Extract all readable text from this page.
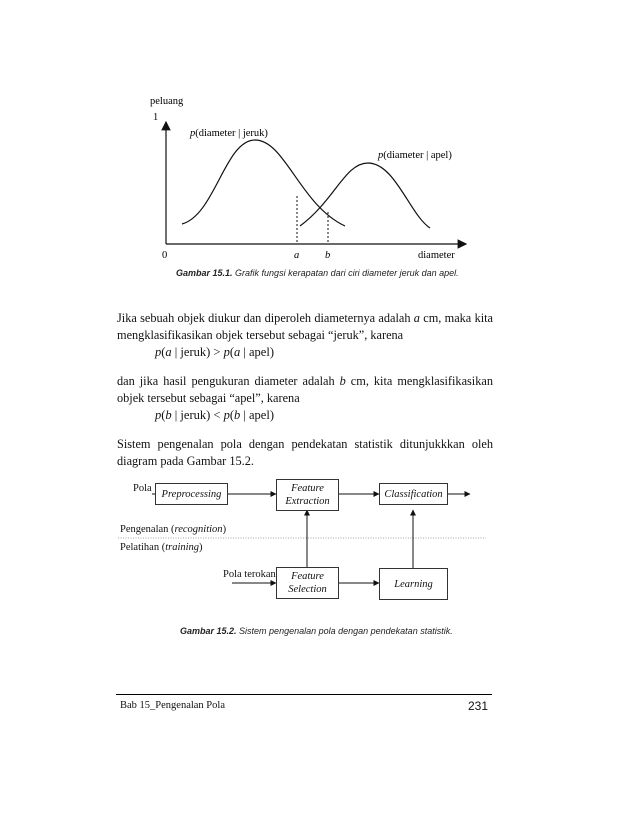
peluang
1
0	a b	diameter
p(diameter | jeruk)
p(diameter | apel)
Gambar 15.1. Grafik fungsi kerapatan dari ciri diameter jeruk dan apel.
Jika sebuah objek diukur dan diperoleh diameternya adalah a cm, maka kita mengklasifikasikan objek tersebut sebagai “jeruk”, karena
p(a | jeruk) > p(a | apel)
dan jika hasil pengukuran diameter adalah b cm, kita mengklasifikasikan objek tersebut sebagai “apel”, karena
p(b | jeruk) < p(b | apel)
Sistem pengenalan pola dengan pendekatan statistik ditunjukkkan oleh diagram pada Gambar 15.2.
Pola Preprocessing	Feature
Extraction
Classification
Pengenalan (recognition)
Pelatihan (training)
Pola terokan Feature
Selection	Learning
Gambar 15.2. Sistem pengenalan pola dengan pendekatan statistik.
Bab 15_Pengenalan Pola	231
